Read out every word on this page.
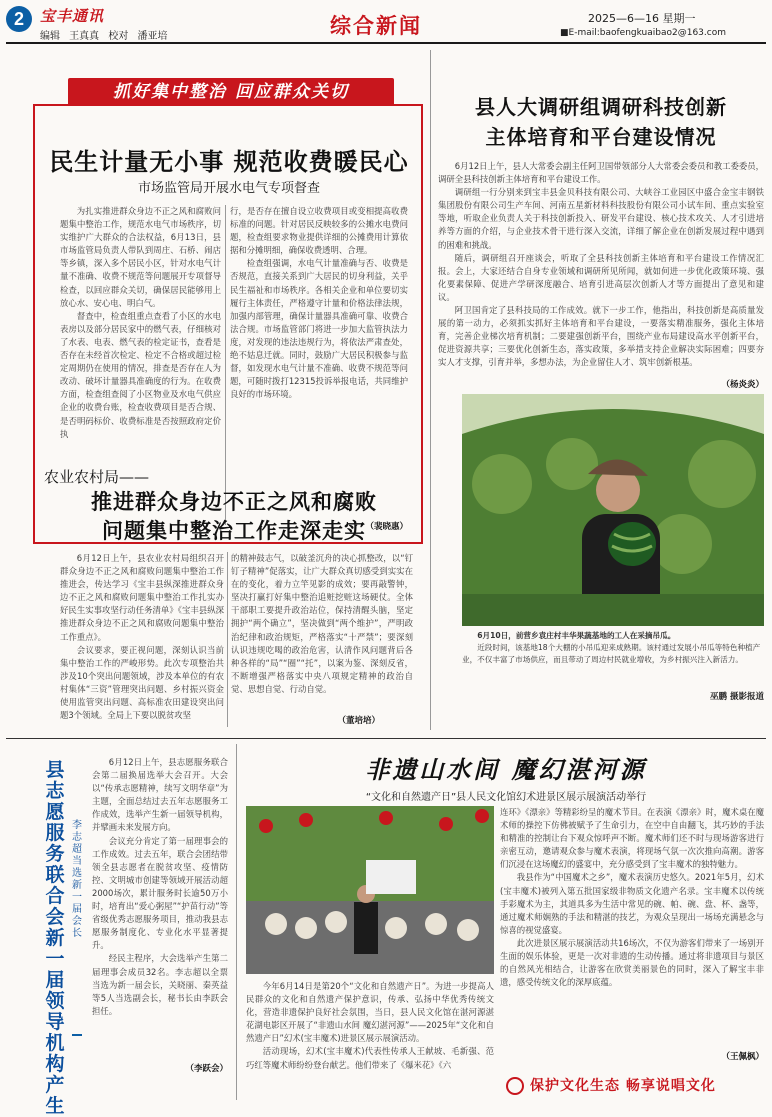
2	宝丰通讯
编辑 王真真 校对 潘亚培	综合新闻	2025—6—16 星期一
■E-mail:baofengkuaibao2@163.com
抓好集中整治 回应群众关切
民生计量无小事 规范收费暖民心
市场监管局开展水电气专项督查

为扎实推进群众身边不正之风和腐败问题集中整治工作，规范水电气市场秩序，切实维护广大群众的合法权益，6月13日，县市场监管局负责人带队到周庄、石桥、闹店等乡镇，深入多个居民小区，针对水电气计量不准确、收费不规范等问题展开专项督导检查，以回应群众关切，确保居民能够用上放心水、安心电、明白气。

督查中，检查组重点查看了小区的水电表房以及部分居民家中的燃气表，仔细核对了水表、电表、燃气表的检定证书，查看是否存在未经首次检定、检定不合格或超过检定周期仍在使用的情况，排查是否存在人为改动、破坏计量器具准确度的行为。在收费方面，检查组查阅了小区物业及水电气供应企业的收费台账，检查收费项目是否合规、是否明码标价、收费标准是否按照政府定价执

行，是否存在擅自设立收费项目或变相提高收费标准的问题。针对居民反映较多的公摊水电费问题，检查组要求物业提供详细的公摊费用计算依据和分摊明细，确保收费透明、合理。

检查组强调，水电气计量准确与否、收费是否规范，直接关系到广大居民的切身利益，关乎民生福祉和市场秩序。各相关企业和单位要切实履行主体责任，严格遵守计量和价格法律法规，加强内部管理，确保计量器具准确可靠、收费合法合规。市场监管部门将进一步加大监管执法力度，对发现的违法违规行为，将依法严肃查处，绝不姑息迁就。同时，鼓励广大居民积极参与监督，如发现水电气计量不准确、收费不规范等问题，可随时拨打12315投诉举报电话，共同维护良好的市场环境。

（裴晓惠）
农业农村局——
推进群众身边不正之风和腐败
问题集中整治工作走深走实

6月12日上午，县农业农村局组织召开群众身边不正之风和腐败问题集中整治工作推进会，传达学习《宝丰县纵深推进群众身边不正之风和腐败问题集中整治工作扎实办好民生实事攻坚行动任务清单》《宝丰县纵深推进群众身边不正之风和腐败问题集中整治工作重点》。

会议要求，要正视问题，深刻认识当前集中整治工作的严峻形势。此次专项整治共涉及10个突出问题领域，涉及本单位的有农村集体“三资”管理突出问题、乡村振兴资金使用监管突出问题、高标准农田建设突出问题3个领域。全局上下要以脱贫攻坚

的精神鼓志气，以破釜沉舟的决心抓整改，以“钉钉子精神”促落实，让广大群众真切感受到实实在在的变化，着力立竿见影的成效；要再敲警钟，坚决打赢打好集中整治追赃挖赃这场硬仗。全体干部职工要提升政治站位，保持清醒头脑，坚定拥护“两个确立”，坚决做到“两个维护”，严明政治纪律和政治规矩，严格落实“十严禁”；要深刻认识违规吃喝的政治危害，认清作风问题背后各种各样的“局”“圈”“托”，以案为鉴、深刻反省，不断增强严格落实中央八项规定精神的政治自觉、思想自觉、行动自觉。

（董培培）
县人大调研组调研科技创新
主体培育和平台建设情况

6月12日上午，县人大常委会副主任阿卫国带领部分人大常委会委员和教工委委员，调研全县科技创新主体培育和平台建设工作。

调研组一行分别来到宝丰县金贝科技有限公司、大峡谷工业园区中盛合金宝丰钢铁集团股份有限公司生产车间、河南五星新材料科技股份有限公司小试车间、重点实验室等地，听取企业负责人关于科技创新投入、研发平台建设、核心技术攻关、人才引进培养等方面的介绍，与企业技术骨干进行深入交流，详细了解企业在创新发展过程中遇到的困难和挑战。

随后，调研组召开座谈会，听取了全县科技创新主体培育和平台建设工作情况汇报。会上，大家还结合自身专业领域和调研所见所闻，就如何进一步优化政策环境、强化要素保障、促进产学研深度融合、培育引进高层次创新人才等方面提出了意见和建议。

阿卫国肯定了县科技局的工作成效。就下一步工作，他指出，科技创新是高质量发展的第一动力，必须抓实抓好主体培育和平台建设，一要落实精准服务，强化主体培育，完善企业梯次培育机制；二要建强创新平台，围绕产业布局建设高水平创新平台，促进资源共享；三要优化创新生态，落实政策，多举措支持企业解决实际困难；四要夯实人才支撑，引育并举，多想办法，为企业留住人才、筑牢创新根基。

（杨炎炎）
6月10日，前营乡袁庄村丰华果蔬基地的工人在采摘吊瓜。
近段时间，该基地18个大棚的小吊瓜迎来成熟期。该村通过发展小吊瓜等特色种植产业，不仅丰富了市场供应，而且带动了周边村民就业增收，为乡村振兴注入新活力。
巫鹏 摄影报道
县志愿服务联合会新一届领导机构产生
李志超当选新一届会长

6月12日上午，县志愿服务联合会第二届换届选举大会召开。大会以“传承志愿精神，续写文明华章”为主题，全面总结过去五年志愿服务工作成效，选举产生新一届领导机构，并擘画未来发展方向。

会议充分肯定了第一届理事会的工作成效。过去五年，联合会团结带领全县志愿者在脱贫攻坚、疫情防控、文明城市创建等领域开展活动超2000场次，累计服务时长逾50万小时，培育出“爱心粥屋”“护苗行动”等省级优秀志愿服务项目，推动我县志愿服务制度化、专业化水平显著提升。

经民主程序，大会选举产生第二届理事会成员32名。李志超以全票当选为新一届会长，关晓丽、秦英益等5人当选副会长，秘书长由李跃会担任。

（李跃会）
非遗山水间 魔幻湛河源
“文化和自然遗产日”县人民文化馆幻术进景区展示展演活动举行

今年6月14日是第20个“文化和自然遗产日”。为进一步提高人民群众的文化和自然遗产保护意识，传承、弘扬中华优秀传统文化，营造非遗保护良好社会氛围，当日，县人民文化馆在湛河源湛花湖电影区开展了“非遗山水间 魔幻湛河源”——2025年“文化和自然遗产日”幻术(宝丰魔术)进景区展示展演活动。

活动现场，幻术(宝丰魔术)代表性传承人王献坡、毛新强、范巧红等魔术师纷纷登台献艺。他们带来了《爆米花》《六

连环》《漂亲》等精彩纷呈的魔术节目。在表演《漂亲》时，魔术桌在魔术师的操控下仿佛被赋予了生命引力，在空中自由翻飞，其巧妙的手法和精准的控制让台下观众惊呼声不断。魔术师们还不时与现场游客进行亲密互动，邀请观众参与魔术表演，将现场气氛一次次推向高潮。游客们沉浸在这场魔幻的盛宴中，充分感受到了宝丰魔术的独特魅力。

我县作为“中国魔术之乡”，魔术表演历史悠久。2021年5月，幻术(宝丰魔术)被列入第五批国家级非物质文化遗产名录。宝丰魔术以传统手彩魔术为主，其道具多为生活中常见的碗、帕、碗、盘、杯、盏等，通过魔术师娴熟的手法和精湛的技艺，为观众呈现出一场场充满悬念与惊喜的视觉盛宴。

此次进景区展示展演活动共16场次，不仅为游客们带来了一场别开生面的娱乐体验，更是一次对非遗的生动传播。通过将非遗项目与景区的自然风光相结合，让游客在欣赏美丽景色的同时，深入了解宝丰非遗，感受传统文化的深厚底蕴。

（王佩枫）
保护文化生态 畅享说唱文化
